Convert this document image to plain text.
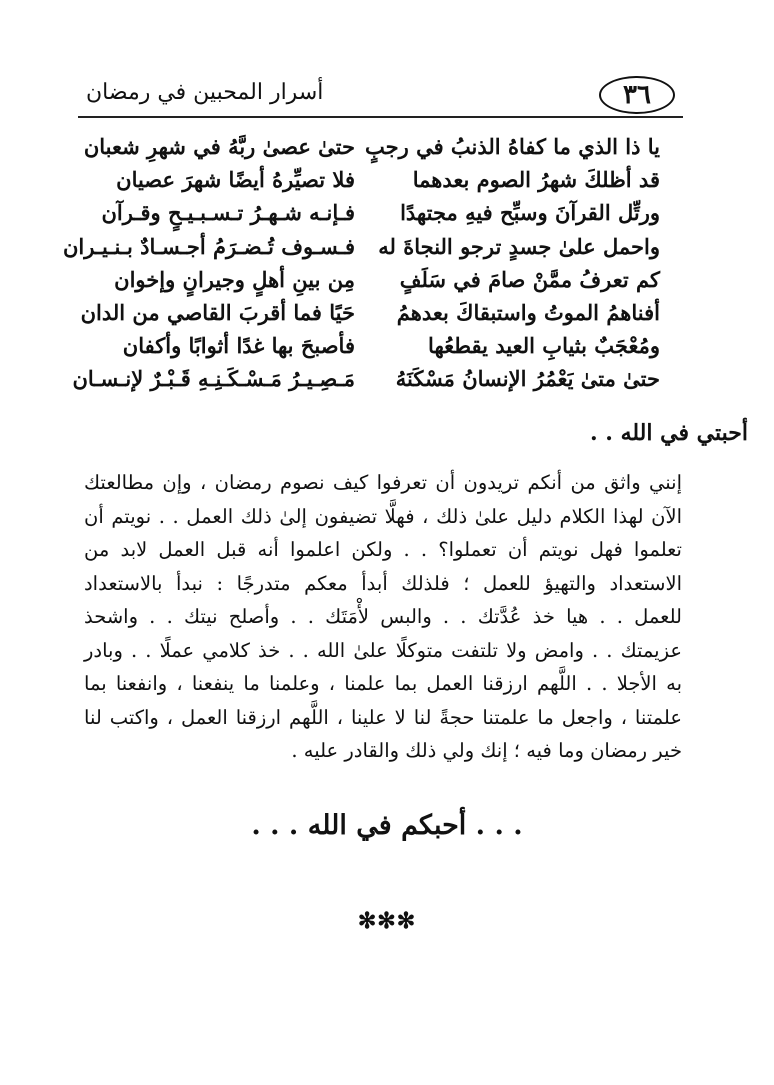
٣٦
أسرار المحبين في رمضان
يا ذا الذي ما كفاهُ الذنبُ في رجبٍ
حتىٰ عصىٰ ربَّهُ في شهرِ شعبان
قد أظلكَ شهرُ الصوم بعدهما
فلا تصيِّرهُ أيضًا شهرَ عصيان
ورتِّل القرآنَ وسبِّح فيهِ مجتهدًا
فـإنـه شـهـرُ تـسـبـيـحٍ وقـرآن
واحمل علىٰ جسدٍ ترجو النجاةَ له
فـسـوف تُـضـرَمُ أجـسـادٌ بـنـيـران
كم تعرفُ ممَّنْ صامَ في سَلَفٍ
مِن بينِ أهلٍ وجيرانٍ وإخوان
أفناهمُ الموتُ واستبقاكَ بعدهمُ
حَيًا فما أقربَ القاصي من الدان
ومُعْجَبٌ بثيابِ العيد يقطعُها
فأصبحَ بها غدًا أثوابًا وأكفان
حتىٰ متىٰ يَعْمُرُ الإنسانُ مَسْكَنَهُ
مَـصِـيـرُ مَـسْـكَـنِـهِ قَـبْـرٌ لإنـسـان
أحبتي في الله . .
إنني واثق من أنكم تريدون أن تعرفوا كيف نصوم رمضان ، وإن مطالعتك
الآن لهذا الكلام دليل علىٰ ذلك ، فهلَّا تضيفون إلىٰ ذلك العمل . . نويتم أن
تعلموا فهل نويتم أن تعملوا؟ . . ولكن اعلموا أنه قبل العمل لابد من
الاستعداد والتهيؤ للعمل ؛ فلذلك أبدأ معكم متدرجًا : نبدأ بالاستعداد
للعمل . . هيا خذ عُدَّتك . . والبس لأْمَتَك . . وأصلح نيتك . . واشحذ
عزيمتك . . وامض ولا تلتفت متوكلًا علىٰ الله . . خذ كلامي عملًا . . وبادر
به الأجلا . . اللَّهم ارزقنا العمل بما علمنا ، وعلمنا ما ينفعنا ، وانفعنا بما
علمتنا ، واجعل ما علمتنا حجةً لنا لا علينا ، اللَّهم ارزقنا العمل ، واكتب لنا
خير رمضان وما فيه ؛ إنك ولي ذلك والقادر عليه .
. . . أحبكم في الله . . .
✻✻✻
